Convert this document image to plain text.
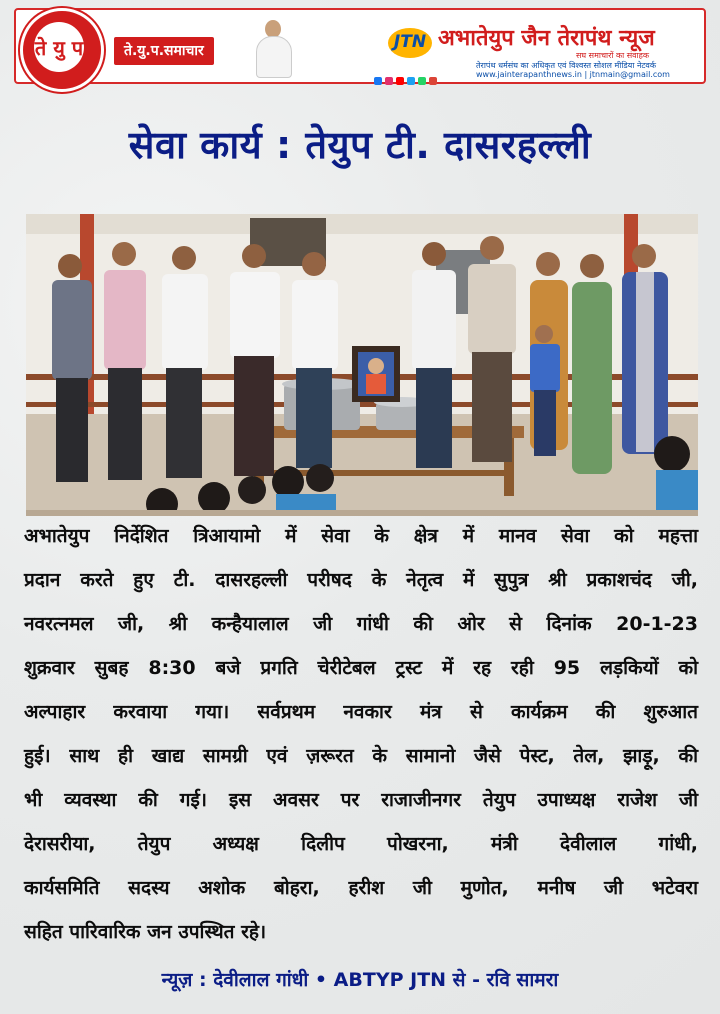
ते यु प	ते.यु.प.समाचार	JTN अभातेयुप जैन तेरापंथ न्यूज
सघ समाचारों का संवाहक
तेरापंथ धर्मसंघ का अधिकृत एवं विश्वस्त सोशल मीडिया नेटवर्क
www.jainterapanthnews.in | jtnmain@gmail.com
सेवा कार्य : तेयुप टी. दासरहल्ली
अभातेयुप निर्देशित त्रिआयामो में सेवा के क्षेत्र में मानव सेवा को महत्ता
प्रदान करते हुए टी. दासरहल्ली परीषद के नेतृत्व में सुपुत्र श्री प्रकाशचंद जी,
नवरत्नमल जी, श्री कन्हैयालाल जी गांधी की ओर से दिनांक 20-1-23
शुक्रवार सुबह 8:30 बजे प्रगति चेरीटेबल ट्रस्ट में रह रही 95 लड़कियों को
अल्पाहार करवाया गया। सर्वप्रथम नवकार मंत्र से कार्यक्रम की शुरुआत
हुई। साथ ही खाद्य सामग्री एवं ज़रूरत के सामानो जैसे पेस्ट, तेल, झाड़ू, की
भी व्यवस्था की गई। इस अवसर पर राजाजीनगर तेयुप उपाध्यक्ष राजेश जी
देरासरीया, तेयुप अध्यक्ष दिलीप पोखरना, मंत्री देवीलाल गांधी,
कार्यसमिति सदस्य अशोक बोहरा, हरीश जी मुणोत, मनीष जी भटेवरा
सहित पारिवारिक जन उपस्थित रहे।
न्यूज़ : देवीलाल गांधी • ABTYP JTN से - रवि सामरा
